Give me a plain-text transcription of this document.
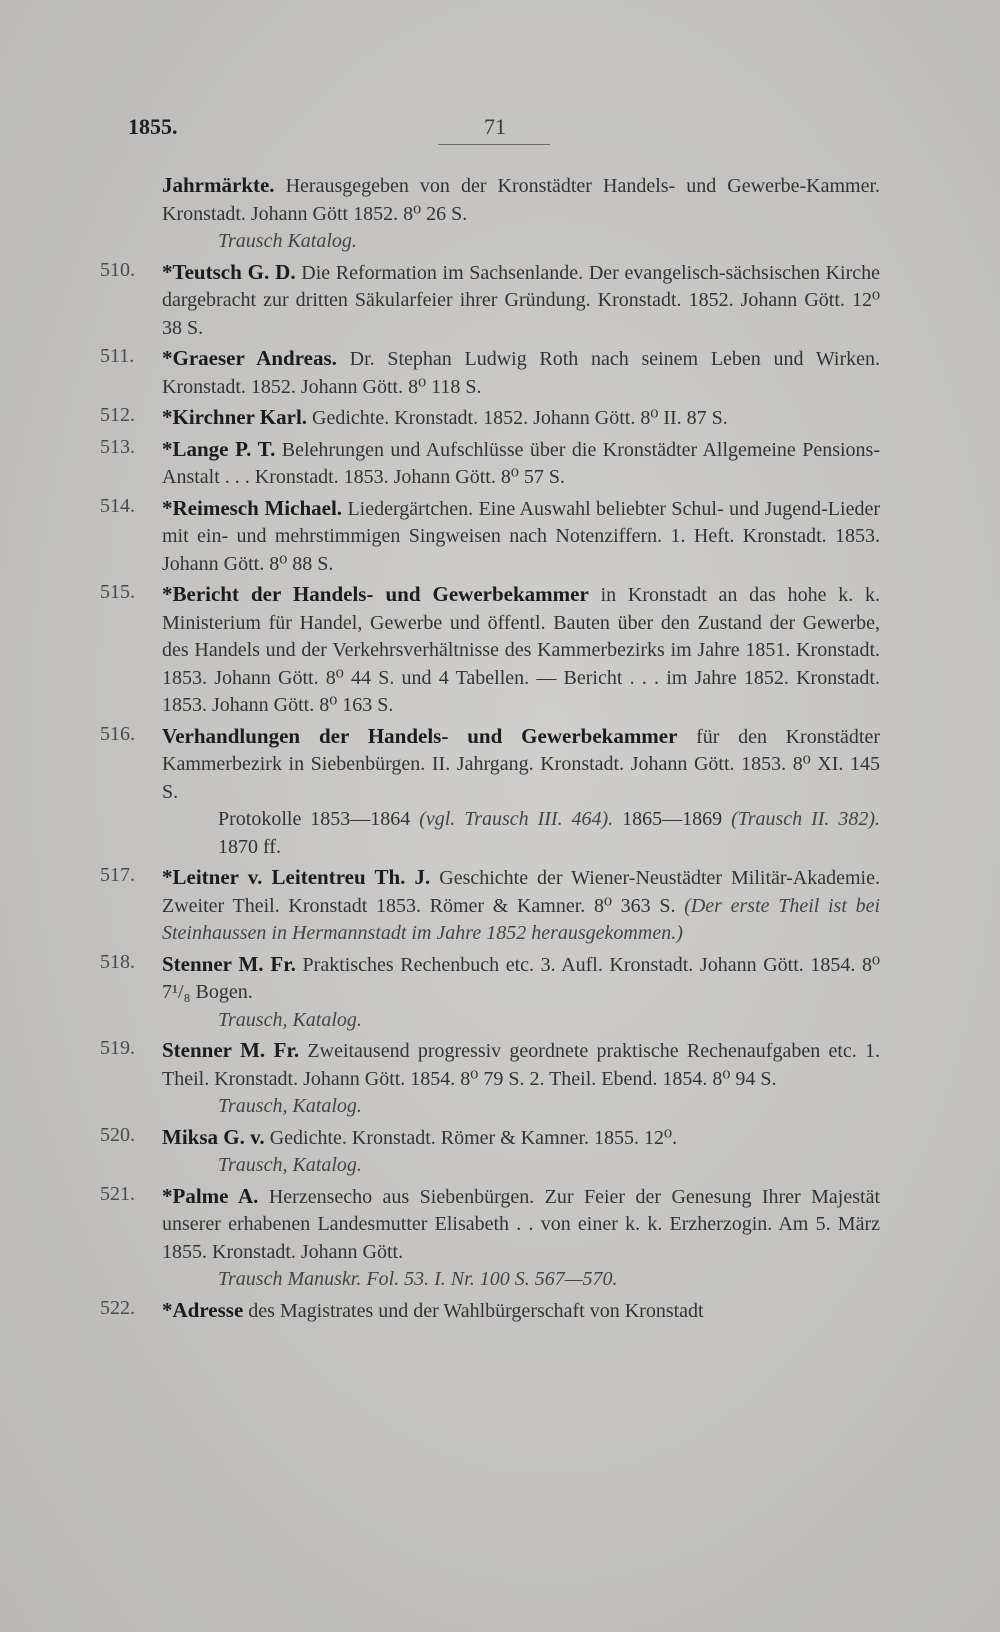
1855.	71
Jahrmärkte. Herausgegeben von der Kronstädter Handels- und Gewerbe-Kammer. Kronstadt. Johann Gött 1852. 8⁰ 26 S.
Trausch Katalog.
510.	*Teutsch G. D. Die Reformation im Sachsenlande. Der evangelisch-sächsischen Kirche dargebracht zur dritten Säkularfeier ihrer Gründung. Kronstadt. 1852. Johann Gött. 12⁰ 38 S.
511.	*Graeser Andreas. Dr. Stephan Ludwig Roth nach seinem Leben und Wirken. Kronstadt. 1852. Johann Gött. 8⁰ 118 S.
512.	*Kirchner Karl. Gedichte. Kronstadt. 1852. Johann Gött. 8⁰ II. 87 S.
513.	*Lange P. T. Belehrungen und Aufschlüsse über die Kronstädter Allgemeine Pensions-Anstalt . . . Kronstadt. 1853. Johann Gött. 8⁰ 57 S.
514.	*Reimesch Michael. Liedergärtchen. Eine Auswahl beliebter Schul- und Jugend-Lieder mit ein- und mehrstimmigen Singweisen nach Notenziffern. 1. Heft. Kronstadt. 1853. Johann Gött. 8⁰ 88 S.
515.	*Bericht der Handels- und Gewerbekammer in Kronstadt an das hohe k. k. Ministerium für Handel, Gewerbe und öffentl. Bauten über den Zustand der Gewerbe, des Handels und der Verkehrsverhältnisse des Kammerbezirks im Jahre 1851. Kronstadt. 1853. Johann Gött. 8⁰ 44 S. und 4 Tabellen. — Bericht . . . im Jahre 1852. Kronstadt. 1853. Johann Gött. 8⁰ 163 S.
516.	Verhandlungen der Handels- und Gewerbekammer für den Kronstädter Kammerbezirk in Siebenbürgen. II. Jahrgang. Kronstadt. Johann Gött. 1853. 8⁰ XI. 145 S.
Protokolle 1853—1864 (vgl. Trausch III. 464). 1865—1869 (Trausch II. 382). 1870 ff.
517.	*Leitner v. Leitentreu Th. J. Geschichte der Wiener-Neustädter Militär-Akademie. Zweiter Theil. Kronstadt 1853. Römer & Kamner. 8⁰ 363 S. (Der erste Theil ist bei Steinhaussen in Hermannstadt im Jahre 1852 herausgekommen.)
518.	Stenner M. Fr. Praktisches Rechenbuch etc. 3. Aufl. Kronstadt. Johann Gött. 1854. 8⁰ 7¹/₈ Bogen.
Trausch, Katalog.
519.	Stenner M. Fr. Zweitausend progressiv geordnete praktische Rechenaufgaben etc. 1. Theil. Kronstadt. Johann Gött. 1854. 8⁰ 79 S. 2. Theil. Ebend. 1854. 8⁰ 94 S.
Trausch, Katalog.
520.	Miksa G. v. Gedichte. Kronstadt. Römer & Kamner. 1855. 12⁰.
Trausch, Katalog.
521.	*Palme A. Herzensecho aus Siebenbürgen. Zur Feier der Genesung Ihrer Majestät unserer erhabenen Landesmutter Elisabeth . . von einer k. k. Erzherzogin. Am 5. März 1855. Kronstadt. Johann Gött.
Trausch Manuskr. Fol. 53. I. Nr. 100 S. 567—570.
522.	*Adresse des Magistrates und der Wahlbürgerschaft von Kronstadt
